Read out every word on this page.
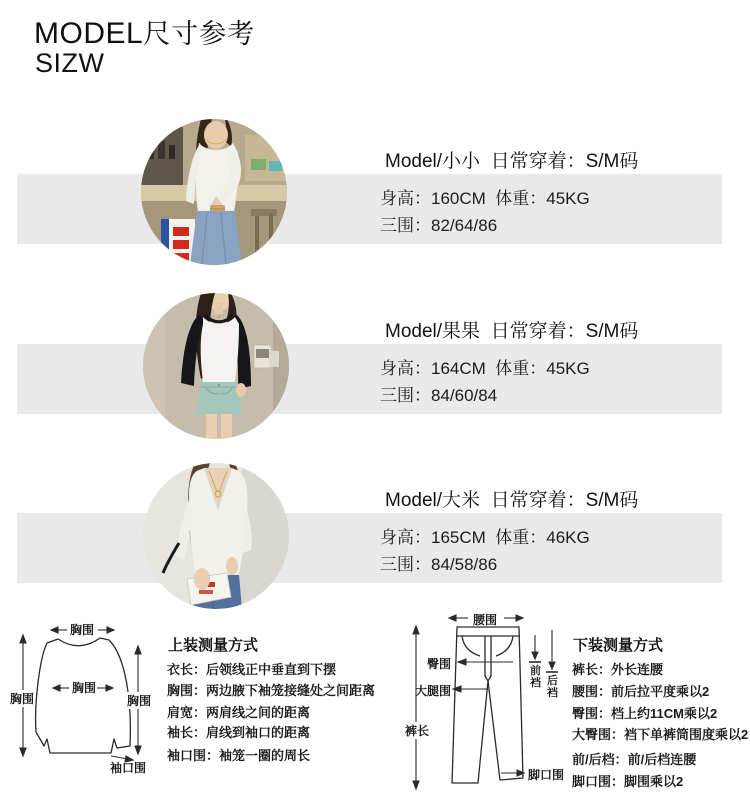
MODEL尺寸参考
SIZW
Model/小小  日常穿着：S/M码
身高：160CM  体重：45KG
三围：82/64/86
Model/果果  日常穿着：S/M码
身高：164CM  体重：45KG
三围：84/60/84
Model/大米  日常穿着：S/M码
身高：165CM  体重：46KG
三围：84/58/86
胸围
胸围
胸围	胸围
袖口围
上装测量方式
衣长：后领线正中垂直到下摆
胸围：两边腋下袖笼接缝处之间距离
肩宽：两肩线之间的距离
袖长：肩线到袖口的距离
袖口围：袖笼一圈的周长
腰围
臀围
大腿围
裤长
前裆 后裆
脚口围
下装测量方式
裤长：外长连腰
腰围：前后拉平度乘以2
臀围：档上约11CM乘以2
大臀围：裆下单裤筒围度乘以2
前/后档：前/后档连腰
脚口围：脚围乘以2
